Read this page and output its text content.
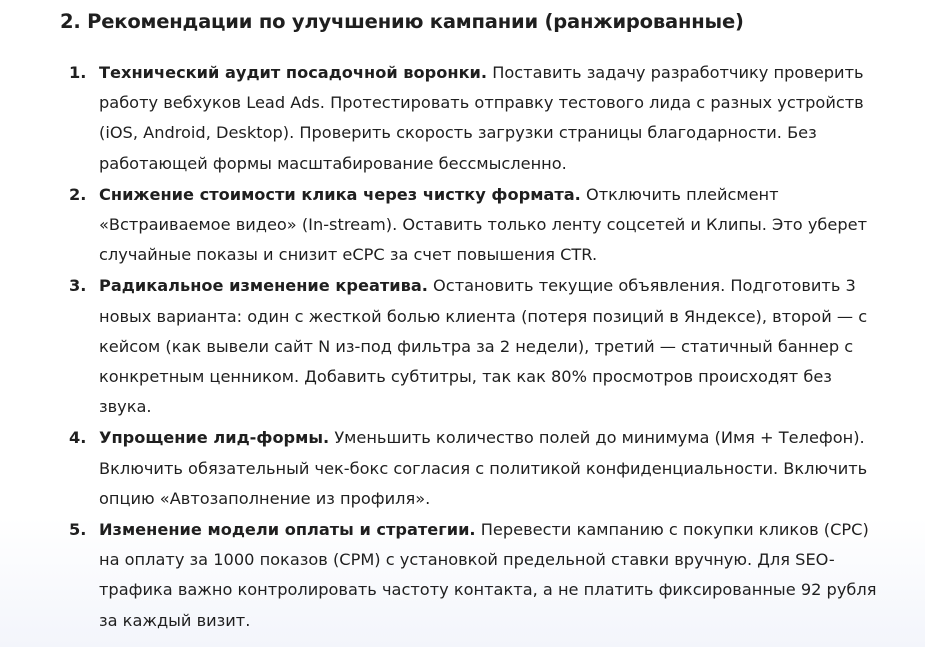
2. Рекомендации по улучшению кампании (ранжированные)
1. Технический аудит посадочной воронки. Поставить задачу разработчику проверить работу вебхуков Lead Ads. Протестировать отправку тестового лида с разных устройств (iOS, Android, Desktop). Проверить скорость загрузки страницы благодарности. Без работающей формы масштабирование бессмысленно.
2. Снижение стоимости клика через чистку формата. Отключить плейсмент «Встраиваемое видео» (In-stream). Оставить только ленту соцсетей и Клипы. Это уберет случайные показы и снизит eCPC за счет повышения CTR.
3. Радикальное изменение креатива. Остановить текущие объявления. Подготовить 3 новых варианта: один с жесткой болью клиента (потеря позиций в Яндексе), второй — с кейсом (как вывели сайт N из-под фильтра за 2 недели), третий — статичный баннер с конкретным ценником. Добавить субтитры, так как 80% просмотров происходят без звука.
4. Упрощение лид-формы. Уменьшить количество полей до минимума (Имя + Телефон). Включить обязательный чек-бокс согласия с политикой конфиденциальности. Включить опцию «Автозаполнение из профиля».
5. Изменение модели оплаты и стратегии. Перевести кампанию с покупки кликов (CPC) на оплату за 1000 показов (CPM) с установкой предельной ставки вручную. Для SEO-трафика важно контролировать частоту контакта, а не платить фиксированные 92 рубля за каждый визит.
